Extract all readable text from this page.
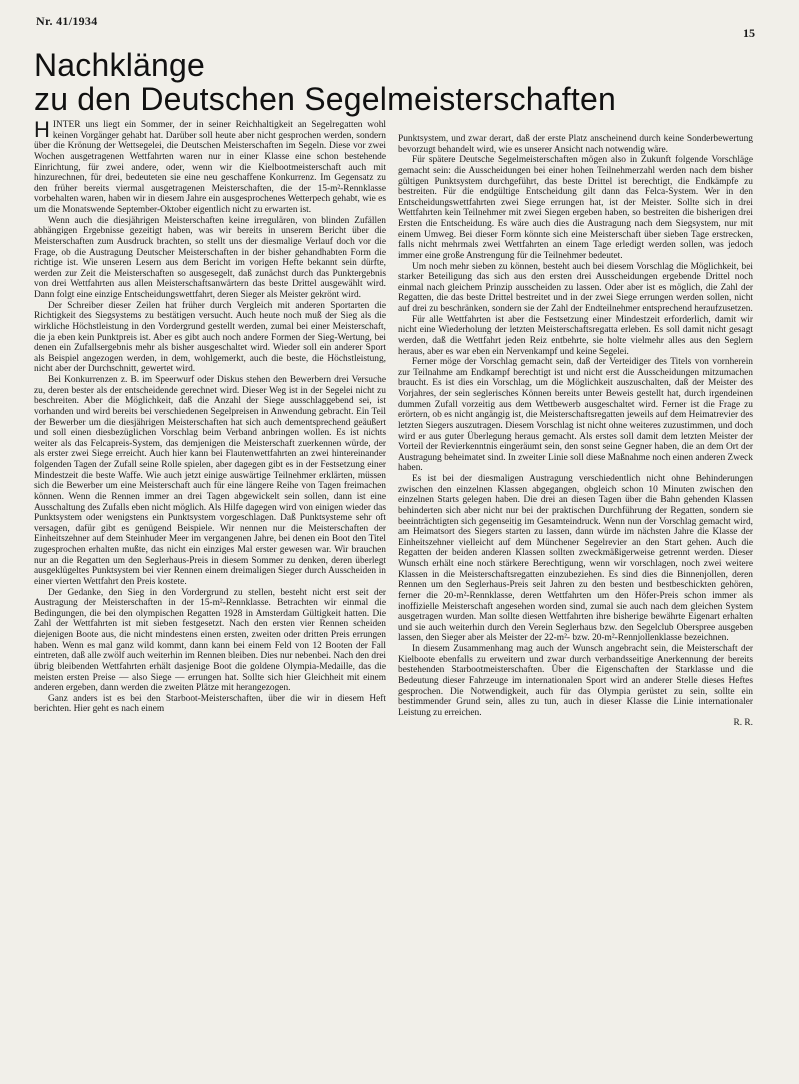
Nr. 41/1934
15
Nachklänge
zu den Deutschen Segelmeisterschaften

HINTER uns liegt ein Sommer, der in seiner Reichhaltigkeit an Segelregatten wohl keinen Vorgänger gehabt hat. Darüber soll heute aber nicht gesprochen werden, sondern über die Krönung der Wettsegelei, die Deutschen Meisterschaften im Segeln. Diese vor zwei Wochen ausgetragenen Wettfahrten waren nur in einer Klasse eine schon bestehende Einrichtung, für zwei andere, oder, wenn wir die Kielbootmeisterschaft auch mit hinzurechnen, für drei, bedeuteten sie eine neu geschaffene Konkurrenz. Im Gegensatz zu den früher bereits viermal ausgetragenen Meisterschaften, die der 15-m²-Rennklasse vorbehalten waren, haben wir in diesem Jahre ein ausgesprochenes Wetterpech gehabt, wie es um die Monatswende September-Oktober eigentlich nicht zu erwarten ist.

Wenn auch die diesjährigen Meisterschaften keine irregulären, von blinden Zufällen abhängigen Ergebnisse gezeitigt haben, was wir bereits in unserem Bericht über die Meisterschaften zum Ausdruck brachten, so stellt uns der diesmalige Verlauf doch vor die Frage, ob die Austragung Deutscher Meisterschaften in der bisher gehandhabten Form die richtige ist. Wie unseren Lesern aus dem Bericht im vorigen Hefte bekannt sein dürfte, werden zur Zeit die Meisterschaften so ausgesegelt, daß zunächst durch das Punktergebnis von drei Wettfahrten aus allen Meisterschaftsanwärtern das beste Drittel ausgewählt wird. Dann folgt eine einzige Entscheidungswettfahrt, deren Sieger als Meister gekrönt wird.

Der Schreiber dieser Zeilen hat früher durch Vergleich mit anderen Sportarten die Richtigkeit des Siegsystems zu bestätigen versucht. Auch heute noch muß der Sieg als die wirkliche Höchstleistung in den Vordergrund gestellt werden, zumal bei einer Meisterschaft, die ja eben kein Punktpreis ist. Aber es gibt auch noch andere Formen der Sieg-Wertung, bei denen ein Zufallsergebnis mehr als bisher ausgeschaltet wird. Wieder soll ein anderer Sport als Beispiel angezogen werden, in dem, wohlgemerkt, auch die beste, die Höchstleistung, nicht aber der Durchschnitt, gewertet wird.

Bei Konkurrenzen z. B. im Speerwurf oder Diskus stehen den Bewerbern drei Versuche zu, deren bester als der entscheidende gerechnet wird. Dieser Weg ist in der Segelei nicht zu beschreiten. Aber die Möglichkeit, daß die Anzahl der Siege ausschlaggebend sei, ist vorhanden und wird bereits bei verschiedenen Segelpreisen in Anwendung gebracht. Ein Teil der Bewerber um die diesjährigen Meisterschaften hat sich auch dementsprechend geäußert und soll einen diesbezüglichen Vorschlag beim Verband anbringen wollen. Es ist nichts weiter als das Felcapreis-System, das demjenigen die Meisterschaft zuerkennen würde, der als erster zwei Siege erreicht. Auch hier kann bei Flautenwettfahrten an zwei hintereinander folgenden Tagen der Zufall seine Rolle spielen, aber dagegen gibt es in der Festsetzung einer Mindestzeit die beste Waffe. Wie auch jetzt einige auswärtige Teilnehmer erklärten, müssen sich die Bewerber um eine Meisterschaft auch für eine längere Reihe von Tagen freimachen können. Wenn die Rennen immer an drei Tagen abgewickelt sein sollen, dann ist eine Ausschaltung des Zufalls eben nicht möglich. Als Hilfe dagegen wird von einigen wieder das Punktsystem oder wenigstens ein Punktsystem vorgeschlagen. Daß Punktsysteme sehr oft versagen, dafür gibt es genügend Beispiele. Wir nennen nur die Meisterschaften der Einheitszehner auf dem Steinhuder Meer im vergangenen Jahre, bei denen ein Boot den Titel zugesprochen erhalten mußte, das nicht ein einziges Mal erster gewesen war. Wir brauchen nur an die Regatten um den Seglerhaus-Preis in diesem Sommer zu denken, deren überlegt ausgeklügeltes Punktsystem bei vier Rennen einem dreimaligen Sieger durch Ausscheiden in einer vierten Wettfahrt den Preis kostete.

Der Gedanke, den Sieg in den Vordergrund zu stellen, besteht nicht erst seit der Austragung der Meisterschaften in der 15-m²-Rennklasse. Betrachten wir einmal die Bedingungen, die bei den olympischen Regatten 1928 in Amsterdam Gültigkeit hatten. Die Zahl der Wettfahrten ist mit sieben festgesetzt. Nach den ersten vier Rennen scheiden diejenigen Boote aus, die nicht mindestens einen ersten, zweiten oder dritten Preis errungen haben. Wenn es mal ganz wild kommt, dann kann bei einem Feld von 12 Booten der Fall eintreten, daß alle zwölf auch weiterhin im Rennen bleiben. Dies nur nebenbei. Nach den drei übrig bleibenden Wettfahrten erhält dasjenige Boot die goldene Olympia-Medaille, das die meisten ersten Preise — also Siege — errungen hat. Sollte sich hier Gleichheit mit einem anderen ergeben, dann werden die zweiten Plätze mit herangezogen.

Ganz anders ist es bei den Starboot-Meisterschaften, über die wir in diesem Heft berichten. Hier geht es nach einem

Punktsystem, und zwar derart, daß der erste Platz anscheinend durch keine Sonderbewertung bevorzugt behandelt wird, wie es unserer Ansicht nach notwendig wäre.

Für spätere Deutsche Segelmeisterschaften mögen also in Zukunft folgende Vorschläge gemacht sein: die Ausscheidungen bei einer hohen Teilnehmerzahl werden nach dem bisher gültigen Punktsystem durchgeführt, das beste Drittel ist berechtigt, die Endkämpfe zu bestreiten. Für die endgültige Entscheidung gilt dann das Felca-System. Wer in den Entscheidungswettfahrten zwei Siege errungen hat, ist der Meister. Sollte sich in drei Wettfahrten kein Teilnehmer mit zwei Siegen ergeben haben, so bestreiten die bisherigen drei Ersten die Entscheidung. Es wäre auch dies die Austragung nach dem Siegsystem, nur mit einem Umweg. Bei dieser Form könnte sich eine Meisterschaft über sieben Tage erstrecken, falls nicht mehrmals zwei Wettfahrten an einem Tage erledigt werden sollen, was jedoch immer eine große Anstrengung für die Teilnehmer bedeutet.

Um noch mehr sieben zu können, besteht auch bei diesem Vorschlag die Möglichkeit, bei starker Beteiligung das sich aus den ersten drei Ausscheidungen ergebende Drittel noch einmal nach gleichem Prinzip ausscheiden zu lassen. Oder aber ist es möglich, die Zahl der Regatten, die das beste Drittel bestreitet und in der zwei Siege errungen werden sollen, nicht auf drei zu beschränken, sondern sie der Zahl der Endteilnehmer entsprechend heraufzusetzen.

Für alle Wettfahrten ist aber die Festsetzung einer Mindestzeit erforderlich, damit wir nicht eine Wiederholung der letzten Meisterschaftsregatta erleben. Es soll damit nicht gesagt werden, daß die Wettfahrt jeden Reiz entbehrte, sie holte vielmehr alles aus den Seglern heraus, aber es war eben ein Nervenkampf und keine Segelei.

Ferner möge der Vorschlag gemacht sein, daß der Verteidiger des Titels von vornherein zur Teilnahme am Endkampf berechtigt ist und nicht erst die Ausscheidungen mitzumachen braucht. Es ist dies ein Vorschlag, um die Möglichkeit auszuschalten, daß der Meister des Vorjahres, der sein seglerisches Können bereits unter Beweis gestellt hat, durch irgendeinen dummen Zufall vorzeitig aus dem Wettbewerb ausgeschaltet wird. Ferner ist die Frage zu erörtern, ob es nicht angängig ist, die Meisterschaftsregatten jeweils auf dem Heimatrevier des letzten Siegers auszutragen. Diesem Vorschlag ist nicht ohne weiteres zuzustimmen, und doch wird er aus guter Überlegung heraus gemacht. Als erstes soll damit dem letzten Meister der Vorteil der Revierkenntnis eingeräumt sein, den sonst seine Gegner haben, die an dem Ort der Austragung beheimatet sind. In zweiter Linie soll diese Maßnahme noch einen anderen Zweck haben.

Es ist bei der diesmaligen Austragung verschiedentlich nicht ohne Behinderungen zwischen den einzelnen Klassen abgegangen, obgleich schon 10 Minuten zwischen den einzelnen Starts gelegen haben. Die drei an diesen Tagen über die Bahn gehenden Klassen behinderten sich aber nicht nur bei der praktischen Durchführung der Regatten, sondern sie beeinträchtigten sich gegenseitig im Gesamteindruck. Wenn nun der Vorschlag gemacht wird, am Heimatsort des Siegers starten zu lassen, dann würde im nächsten Jahre die Klasse der Einheitszehner vielleicht auf dem Münchener Segelrevier an den Start gehen. Auch die Regatten der beiden anderen Klassen sollten zweckmäßigerweise getrennt werden. Dieser Wunsch erhält eine noch stärkere Berechtigung, wenn wir vorschlagen, noch zwei weitere Klassen in die Meisterschaftsregatten einzubeziehen. Es sind dies die Binnenjollen, deren Rennen um den Seglerhaus-Preis seit Jahren zu den besten und bestbeschickten gehören, ferner die 20-m²-Rennklasse, deren Wettfahrten um den Höfer-Preis schon immer als inoffizielle Meisterschaft angesehen worden sind, zumal sie auch nach dem gleichen System ausgetragen wurden. Man sollte diesen Wettfahrten ihre bisherige bewährte Eigenart erhalten und sie auch weiterhin durch den Verein Seglerhaus bzw. den Segelclub Oberspree ausgeben lassen, den Sieger aber als Meister der 22-m²- bzw. 20-m²-Rennjollenklasse bezeichnen.

In diesem Zusammenhang mag auch der Wunsch angebracht sein, die Meisterschaft der Kielboote ebenfalls zu erweitern und zwar durch verbandsseitige Anerkennung der bereits bestehenden Starbootmeisterschaften. Über die Eigenschaften der Starklasse und die Bedeutung dieser Fahrzeuge im internationalen Sport wird an anderer Stelle dieses Heftes gesprochen. Die Notwendigkeit, auch für das Olympia gerüstet zu sein, sollte ein bestimmender Grund sein, alles zu tun, auch in dieser Klasse die Linie internationaler Leistung zu erreichen.

R. R.
